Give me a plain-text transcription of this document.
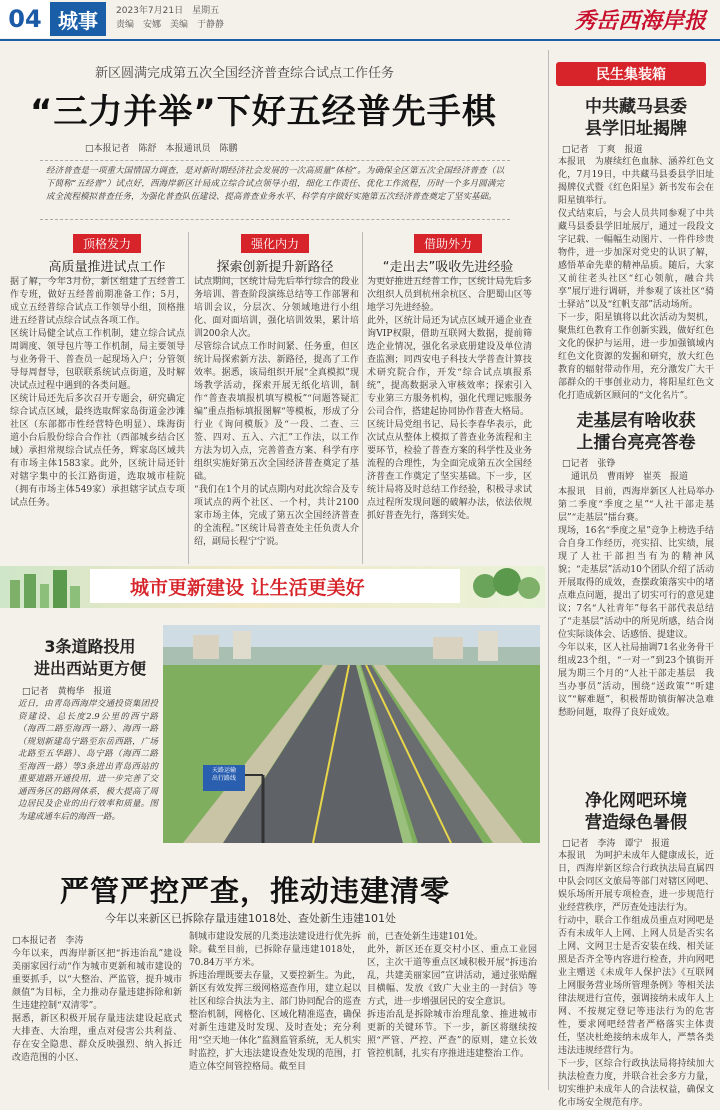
04 城事	2023年7月21日　星期五
责编　安娜　美编　于静静	秀岳西海岸报
新区圆满完成第五次全国经济普查综合试点工作任务
“三力并举”下好五经普先手棋
□本报记者　陈舒　本报通讯员　陈鹏
经济普查是一项重大国情国力调查，是对新时期经济社会发展的一次高质量“体检”。为确保全区第五次全国经济普查（以下简称“五经普”）试点好，西海岸新区计局成立综合试点领导小组，细化工作责任、优化工作流程，历时一个多月圆满完成全流程模拟普查任务，为强化普查队伍建设、提高普查业务水平、科学有序做好实施第五次经济普查奠定了坚实基础。
顶格发力
高质量推进试点工作
据了解，今年3月份，新区组建了五经普工作专班，做好五经普前期准备工作；5月，成立五经普综合试点工作领导小组，顶格推进五经普试点综合试点各项工作。
区统计局健全试点工作机制，建立综合试点周调度、领导包片等工作机制，局主要领导与业务骨干、普查员一起现场入户；分管领导每周督导，包联联系统试点街道，及时解决试点过程中遇到的各类问题。
区统计局还先后多次召开专题会，研究确定综合试点区域，最终选取辉家岛街道金沙滩社区（东部都市性经营特色明显）、珠海街道小台后股份综合合作社（西部城乡结合区域）承担常规综合试点任务，辉家岛区域共有市场主体1583家。此外，区统计局还针对辖字集中的长江路街道，选取城市桂院（拥有市场主体549家）承担辖字试点专项试点任务。
强化内力
探索创新提升新路径
试点期间，区统计局先后举行综合的段业务培训、普查阶段演练总结等工作部署和培训会议，分层次、分领域地进行小组化、面对面培训，强化培训效果，累计培训200余人次。
尽管综合试点工作时间紧、任务重，但区统计局探索新方法、新路径，提高了工作效率。据悉，该局组织开展“全真模拟”现场教学活动，探索开展无纸化培训，制作“普查表填报机填写模板”“问题答疑汇编”重点指标填报图解“等模板，形成了分行业《询问模版》及“一段、二查、三签、四对、五入、六汇”工作法，以工作方法为切入点，完善普查方案、科学有序组织实施好第五次全国经济普查奠定了基础。
“我们在1个月的试点期内对此次综合及专项试点的两个社区、一个村，共计2100家市场主体，完成了第五次全国经济普查的全流程。”区统计局普查处主任负责人介绍，副局长程宁宁说。
借助外力
“走出去”吸收先进经验
为更好推进五经普工作，区统计局先后多次组织人员到杭州余杭区、合肥蜀山区等地学习先进经验。
此外，区统计局还为试点区域开通企业查询VIP权限，借助互联网大数据，提前筛选企业情况，强化名录底册建设及单位清查监测；同西安电子科技大学普查计算技术研究院合作，开发“综合试点填报系统”，提高数据录入审核效率；探索引入专业第三方服务机构，强化代理记账服务公司合作，搭建起协同协作普查大格局。
区统计局党组书记、局长李春华表示，此次试点从整体上模拟了普查业务流程和主要环节，检验了普查方案的科学性及业务流程的合理性，为全面完成第五次全国经济普查工作奠定了坚实基础。下一步，区统计局将及时总结工作经验，积极寻求试点过程所发现问题的破解办法，依法依规抓好普查先行，落到实处。
城市更新建设 让生活更美好
3条道路投用
进出西站更方便
□记者　黄梅华　报道
近日，由青岛西海岸交通投资集团投资建设、总长度2.9公里的西宁路（海西二路至海西一路）、海西一路（规划新建岛宁路至东岳西路，广场北路至五华路）、岛宁路（海西二路至海西一路）等3条进出青岛西站的重要道路开通投用，进一步完善了交通西务区的路网体系，极大提高了周边居民及企业的出行效率和质量。图为建成通车后的海西一路。
天路运输
出行路线
严管严控严查，推动违建清零
今年以来新区已拆除存量违建1018处、查处新生违建101处
□本报记者　李涛
今年以来，西海岸新区把“拆违治乱”建设美丽家园行动“作为城市更新和城市建设的重要抓手，以“大整治、严监管，提升城市颜值”为目标，全力推动存量违建拆除和新生违建控制“双清零”。
据悉，新区积极开展存量违法建设起底式大排查、大治理，重点对侵害公共利益、存在安全隐患、群众反映强烈、纳入拆迁改造范围的小区、
制城市建设发展的几类违法建设进行优先拆除。截至目前，已拆除存量违建1018处，70.84万平方米。
拆违治理既要去存量，又要控新生。为此，新区有效发挥三级网格巡查作用，建立起以社区和综合执法为主、部门协同配合的巡查整治机制，网格化、区域化精准巡查，确保对新生违建及时发现、及时查处；充分利用“空天地一体化”监测监管系统，无人机实时监控，扩大违法建设查处发现的范围，打造立体空间管控格局。截至目
前，已查处新生违建101处。
此外，新区还在夏交村小区、重点工业园区，主次干道等重点区域积极开展“拆违治乱，共建美丽家园”宣讲活动，通过张贴醒目横幅、发放《致广大业主的一封信》等方式，进一步增强居民的安全意识。
拆违治乱是拆除城市治理乱象、推进城市更新的关键环节。下一步，新区将继续按照“严管、严控、严查”的原则，建立长效管控机制，扎实有序推进违建整治工作。
民生集装箱
中共藏马县委
县学旧址揭牌
□记者　丁爽　报道
本报讯　为赓续红色血脉、涵养红色文化，7月19日，中共藏马县委县学旧址揭牌仪式暨《红色阳星》新书发布会在阳星镇举行。
仪式结束后，与会人员共同参观了中共藏马县委县学旧址展厅，通过一段段文字记载、一幅幅生动图片、一件件珍贵物件，进一步加深对党史的认识了解，感悟革命先辈的精神品质。随后，大家又前往老头社区“红心领航，融合共享”展厅进行调研，并参观了该社区“骑士驿站”以及“红帆支部”活动场所。
下一步，阳星镇将以此次活动为契机，聚焦红色教育工作创新实践，做好红色文化的保护与运用，进一步加强镇域内红色文化资源的发掘和研究，放大红色教育的辐射带动作用，充分激发广大干部群众的干事创业动力，将阳星红色文化打造成新区顾问的“文化名片”。
走基层有啥收获
上擂台亮亮答卷
□记者　张铮
　通讯员　曹雨婷　崔英　报道
本报讯　目前，西海岸新区人社局举办第二季度“季度之星”“人社干部走基层”“走基层”擂台赛。
现场，16名“季度之星”竞争上榜选手结合自身工作经历，亮实招、比实绩，展现了人社干部担当有为的精神风貌；“走基层”活动10个团队介绍了活动开展取得的成效，查摆政策落实中的堵点难点问题，提出了切实可行的意见建议；7名“人社青年”每名干部代表总结了“走基层”活动中的所见所感，结合岗位实际谈体会、话感悟、提建议。
今年以来，区人社局抽调71名业务骨干组成23个组，“一对一”到23个镇街开展为期三个月的“人社干部走基层　我当办事员”活动，围绕“送政策”“听建议”“解难题”，积极帮助镇街解决急难愁盼问题，取得了良好成效。
净化网吧环境
营造绿色暑假
□记者　李涛　谭宁　报道
本报讯　为呵护未成年人健康成长，近日，西海岸新区综合行政执法局直属四中队会同区文旅局等部门对辖区网吧、娱乐场所开展专项检查，进一步规范行业经营秩序，严厉查处违法行为。
行动中，联合工作组成员重点对网吧是否有未成年人上网、上网人员是否实名上网、文网卫士是否安装在线、相关证照是否齐全等内容进行检查，并向网吧业主赠送《未成年人保护法》《互联网上网服务营业场所管理条例》等相关法律法规进行宣传，强调接纳未成年人上网、不按规定登记等违法行为的危害性，要求网吧经营者严格落实主体责任，坚决杜绝接纳未成年人，严禁各类违法违规经营行为。
下一步，区综合行政执法局将持续加大执法检查力度，并联合社会多方力量，切实维护未成年人的合法权益，确保文化市场安全规范有序。
